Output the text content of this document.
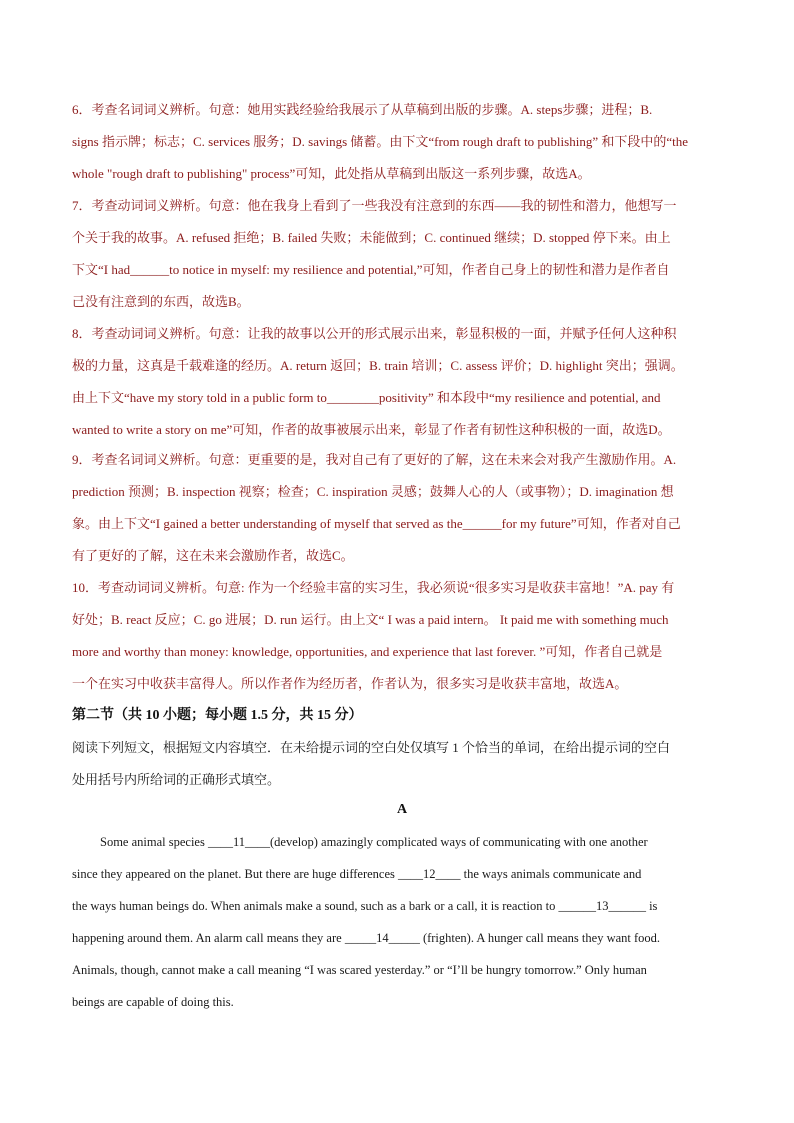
6．考查名词词义辨析。句意：她用实践经验给我展示了从草稿到出版的步骤。A. steps步骤；进程；B.
signs 指示牌；标志；C. services 服务；D. savings 储蓄。由下文“from rough draft to publishing” 和下段中的“the
whole "rough draft to publishing" process”可知，此处指从草稿到出版这一系列步骤，故选A。
7．考查动词词义辨析。句意：他在我身上看到了一些我没有注意到的东西——我的韧性和潜力，他想写一
个关于我的故事。A. refused 拒绝；B. failed 失败；未能做到；C. continued 继续；D. stopped 停下来。由上
下文“I had______to notice in myself: my resilience and potential,”可知，作者自己身上的韧性和潜力是作者自
己没有注意到的东西，故选B。
8．考查动词词义辨析。句意：让我的故事以公开的形式展示出来，彰显积极的一面，并赋予任何人这种积
极的力量，这真是千载难逢的经历。A. return 返回；B. train 培训；C. assess 评价；D. highlight 突出；强调。
由上下文“have my story told in a public form to________positivity” 和本段中“my resilience and potential, and
wanted to write a story on me”可知，作者的故事被展示出来，彰显了作者有韧性这种积极的一面，故选D。
9．考查名词词义辨析。句意：更重要的是，我对自己有了更好的了解，这在未来会对我产生激励作用。A.
prediction 预测；B. inspection 视察；检查；C. inspiration 灵感；鼓舞人心的人（或事物）；D. imagination 想
象。由上下文“I gained a better understanding of myself that served as the______for my future”可知，作者对自己
有了更好的了解，这在未来会激励作者，故选C。
10．考查动词词义辨析。句意: 作为一个经验丰富的实习生，我必须说“很多实习是收获丰富地！”A. pay 有
好处；B. react 反应；C. go 进展；D. run 运行。由上文“ I was a paid intern。 It paid me with something much
more and worthy than money: knowledge, opportunities, and experience that last forever. ”可知，作者自己就是
一个在实习中收获丰富得人。所以作者作为经历者，作者认为，很多实习是收获丰富地，故选A。
第二节（共 10 小题；每小题 1.5 分，共 15 分）
阅读下列短文，根据短文内容填空．在未给提示词的空白处仅填写 1 个恰当的单词，在给出提示词的空白
处用括号内所给词的正确形式填空。
A
Some animal species ____11____(develop) amazingly complicated ways of communicating with one another
since they appeared on the planet. But there are huge differences ____12____ the ways animals communicate and
the ways human beings do. When animals make a sound, such as a bark or a call, it is reaction to ______13______ is
happening around them. An alarm call means they are _____14_____ (frighten). A hunger call means they want food.
Animals, though, cannot make a call meaning “I was scared yesterday.” or “I’ll be hungry tomorrow.” Only human
beings are capable of doing this.
